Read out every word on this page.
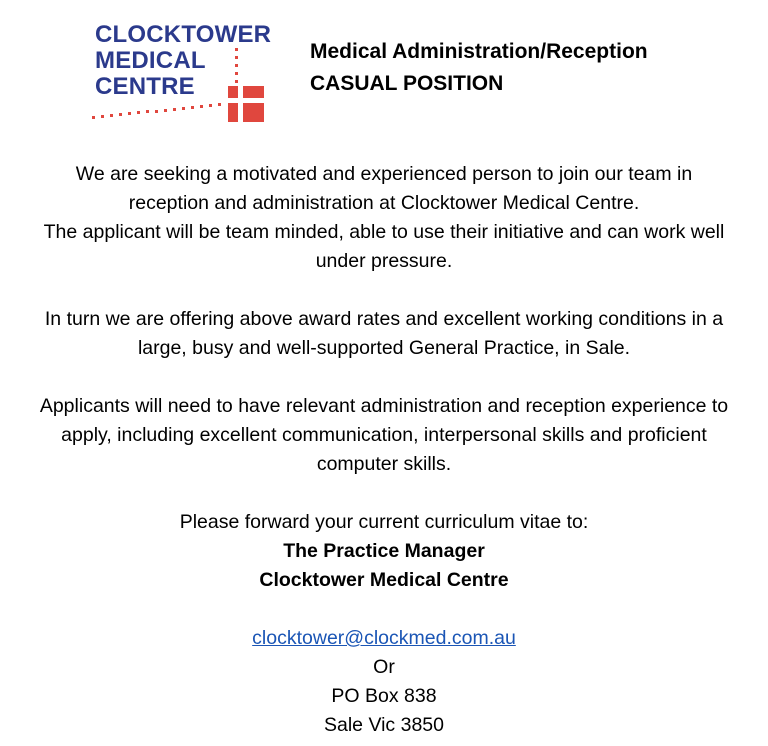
CLOCKTOWER
MEDICAL
CENTRE
Medical Administration/Reception
CASUAL POSITION

We are seeking a motivated and experienced person to join our team in

reception and administration at Clocktower Medical Centre.

The applicant will be team minded, able to use their initiative and can work well

under pressure.

In turn we are offering above award rates and excellent working conditions in a

large, busy and well-supported General Practice, in Sale.

Applicants will need to have relevant administration and reception experience to

apply, including excellent communication, interpersonal skills and proficient

computer skills.

Please forward your current curriculum vitae to:

The Practice Manager

Clocktower Medical Centre

clocktower@clockmed.com.au

Or

PO Box 838

Sale Vic 3850
